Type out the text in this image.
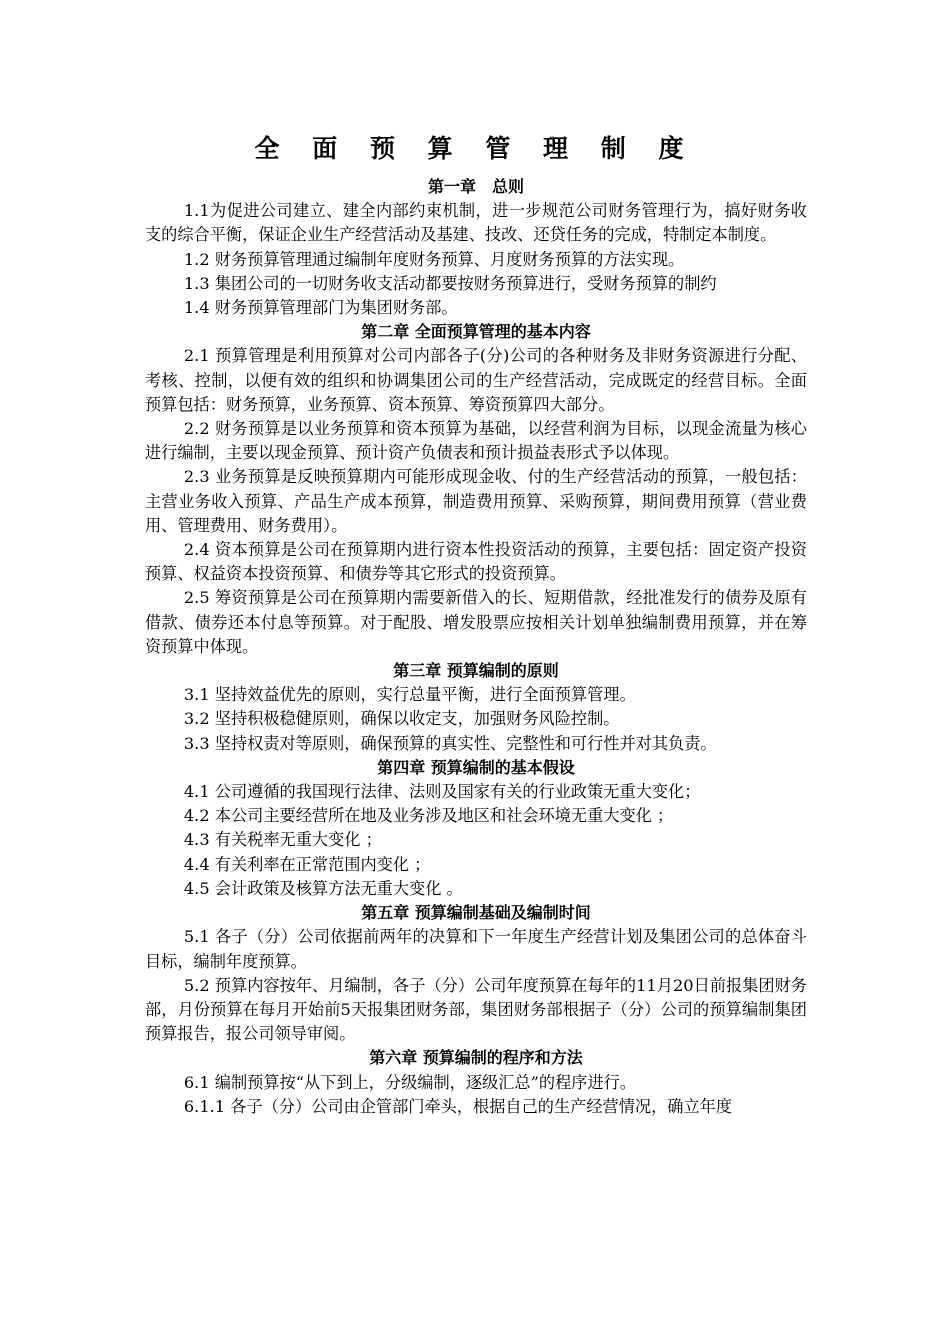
全 面 预 算 管 理 制 度
第一章　总则

1.1为促进公司建立、建全内部约束机制，进一步规范公司财务管理行为，搞好财务收支的综合平衡，保证企业生产经营活动及基建、技改、还贷任务的完成，特制定本制度。

1.2 财务预算管理通过编制年度财务预算、月度财务预算的方法实现。

1.3 集团公司的一切财务收支活动都要按财务预算进行，受财务预算的制约

1.4 财务预算管理部门为集团财务部。

第二章 全面预算管理的基本内容

2.1 预算管理是利用预算对公司内部各子(分)公司的各种财务及非财务资源进行分配、考核、控制，以便有效的组织和协调集团公司的生产经营活动，完成既定的经营目标。全面预算包括：财务预算，业务预算、资本预算、筹资预算四大部分。

2.2 财务预算是以业务预算和资本预算为基础，以经营利润为目标，以现金流量为核心进行编制，主要以现金预算、预计资产负债表和预计损益表形式予以体现。

2.3 业务预算是反映预算期内可能形成现金收、付的生产经营活动的预算，一般包括：主营业务收入预算、产品生产成本预算，制造费用预算、采购预算，期间费用预算（营业费用、管理费用、财务费用）。

2.4 资本预算是公司在预算期内进行资本性投资活动的预算，主要包括：固定资产投资预算、权益资本投资预算、和债券等其它形式的投资预算。

2.5 筹资预算是公司在预算期内需要新借入的长、短期借款，经批准发行的债券及原有借款、债券还本付息等预算。对于配股、增发股票应按相关计划单独编制费用预算，并在筹资预算中体现。

第三章 预算编制的原则

3.1 坚持效益优先的原则，实行总量平衡，进行全面预算管理。

3.2 坚持积极稳健原则，确保以收定支，加强财务风险控制。

3.3 坚持权责对等原则，确保预算的真实性、完整性和可行性并对其负责。

第四章 预算编制的基本假设

4.1 公司遵循的我国现行法律、法则及国家有关的行业政策无重大变化；

4.2 本公司主要经营所在地及业务涉及地区和社会环境无重大变化 ；

4.3 有关税率无重大变化 ；

4.4 有关利率在正常范围内变化 ；

4.5 会计政策及核算方法无重大变化 。

第五章 预算编制基础及编制时间

5.1 各子（分）公司依据前两年的决算和下一年度生产经营计划及集团公司的总体奋斗目标，编制年度预算。

5.2 预算内容按年、月编制，各子（分）公司年度预算在每年的11月20日前报集团财务部，月份预算在每月开始前5天报集团财务部，集团财务部根据子（分）公司的预算编制集团预算报告，报公司领导审阅。

第六章 预算编制的程序和方法

6.1 编制预算按“从下到上，分级编制，逐级汇总”的程序进行。

6.1.1 各子（分）公司由企管部门牵头，根据自己的生产经营情况，确立年度
